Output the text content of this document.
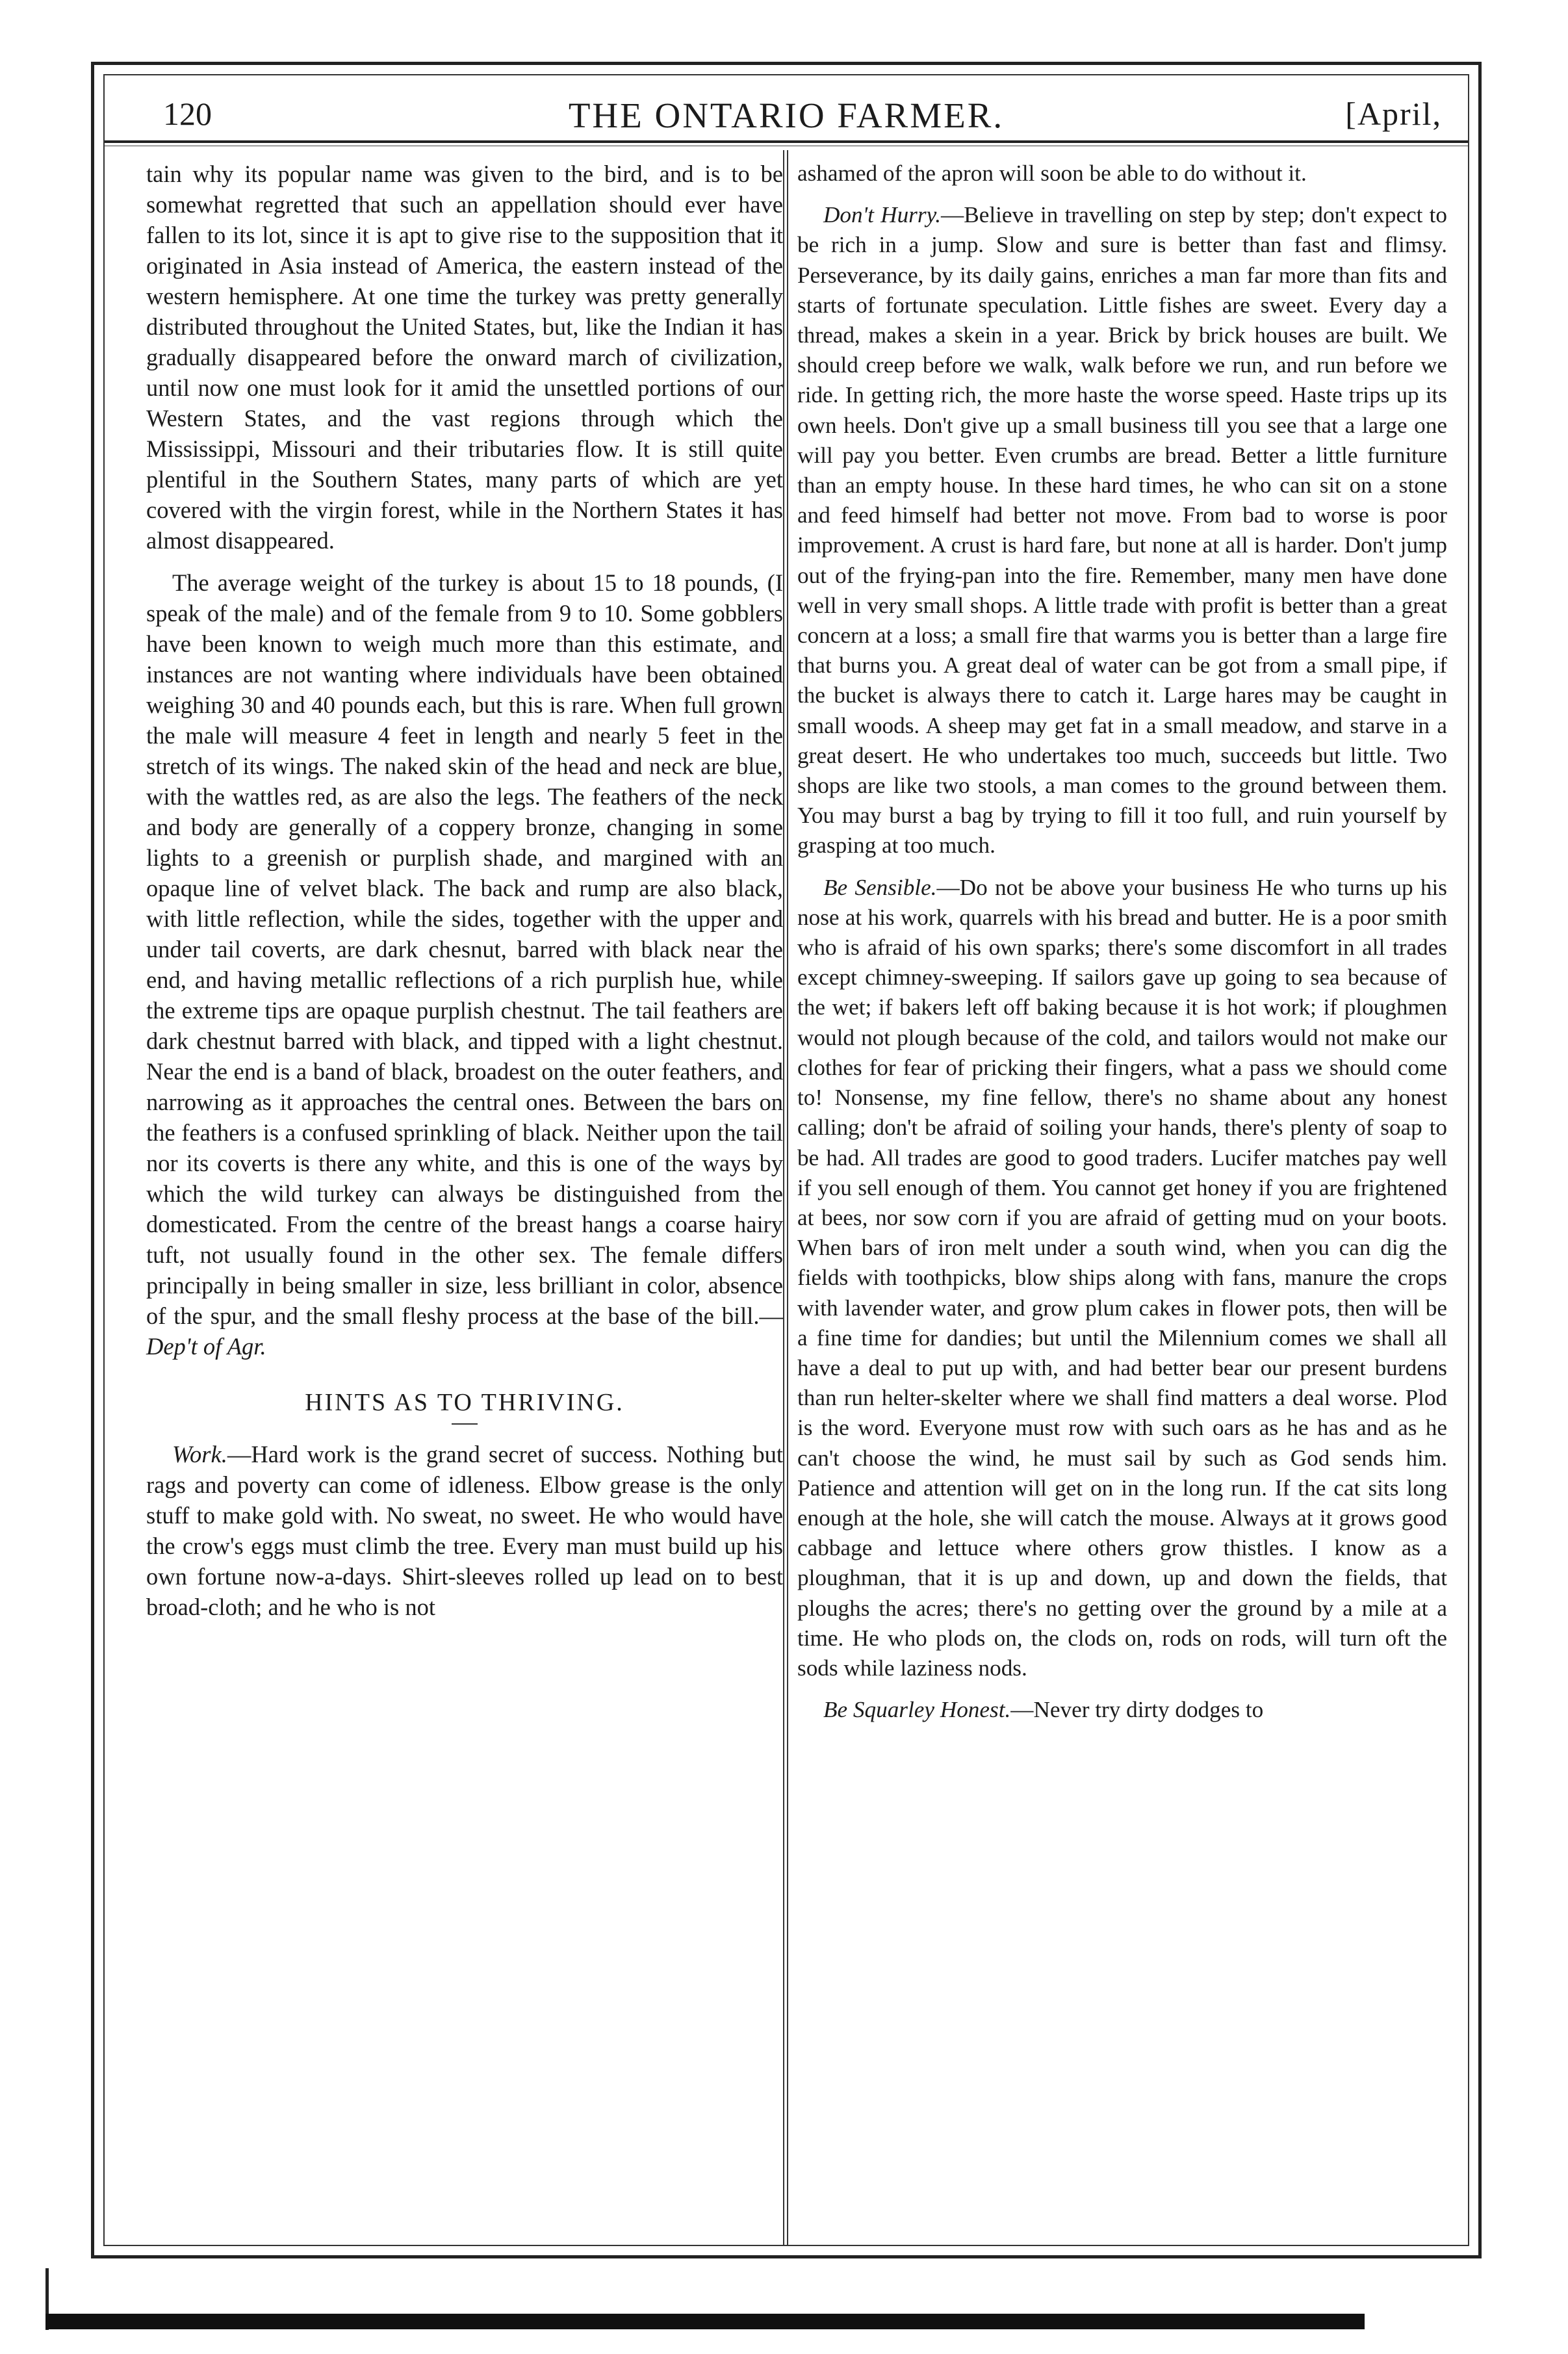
120	THE ONTARIO FARMER.	[April,

tain why its popular name was given to the bird, and is to be somewhat regretted that such an appellation should ever have fallen to its lot, since it is apt to give rise to the supposition that it originated in Asia instead of America, the eastern instead of the western hemisphere. At one time the turkey was pretty generally distributed throughout the United States, but, like the Indian it has gradually disappeared before the onward march of civilization, until now one must look for it amid the unsettled portions of our Western States, and the vast regions through which the Mississippi, Missouri and their tributaries flow. It is still quite plentiful in the Southern States, many parts of which are yet covered with the virgin forest, while in the Northern States it has almost disappeared.

The average weight of the turkey is about 15 to 18 pounds, (I speak of the male) and of the female from 9 to 10. Some gobblers have been known to weigh much more than this estimate, and instances are not wanting where individuals have been obtained weighing 30 and 40 pounds each, but this is rare. When full grown the male will measure 4 feet in length and nearly 5 feet in the stretch of its wings. The naked skin of the head and neck are blue, with the wattles red, as are also the legs. The feathers of the neck and body are generally of a coppery bronze, changing in some lights to a greenish or purplish shade, and margined with an opaque line of velvet black. The back and rump are also black, with little reflection, while the sides, together with the upper and under tail coverts, are dark chesnut, barred with black near the end, and having metallic reflections of a rich purplish hue, while the extreme tips are opaque purplish chestnut. The tail feathers are dark chestnut barred with black, and tipped with a light chestnut. Near the end is a band of black, broadest on the outer feathers, and narrowing as it approaches the central ones. Between the bars on the feathers is a confused sprinkling of black. Neither upon the tail nor its coverts is there any white, and this is one of the ways by which the wild turkey can always be distinguished from the domesticated. From the centre of the breast hangs a coarse hairy tuft, not usually found in the other sex. The female differs principally in being smaller in size, less brilliant in color, absence of the spur, and the small fleshy process at the base of the bill.—Dep't of Agr.

HINTS AS TO THRIVING.

Work.—Hard work is the grand secret of success. Nothing but rags and poverty can come of idleness. Elbow grease is the only stuff to make gold with. No sweat, no sweet. He who would have the crow's eggs must climb the tree. Every man must build up his own fortune now-a-days. Shirt-sleeves rolled up lead on to best broad-cloth; and he who is not

ashamed of the apron will soon be able to do without it.

Don't Hurry.—Believe in travelling on step by step; don't expect to be rich in a jump. Slow and sure is better than fast and flimsy. Perseverance, by its daily gains, enriches a man far more than fits and starts of fortunate speculation. Little fishes are sweet. Every day a thread, makes a skein in a year. Brick by brick houses are built. We should creep before we walk, walk before we run, and run before we ride. In getting rich, the more haste the worse speed. Haste trips up its own heels. Don't give up a small business till you see that a large one will pay you better. Even crumbs are bread. Better a little furniture than an empty house. In these hard times, he who can sit on a stone and feed himself had better not move. From bad to worse is poor improvement. A crust is hard fare, but none at all is harder. Don't jump out of the frying-pan into the fire. Remember, many men have done well in very small shops. A little trade with profit is better than a great concern at a loss; a small fire that warms you is better than a large fire that burns you. A great deal of water can be got from a small pipe, if the bucket is always there to catch it. Large hares may be caught in small woods. A sheep may get fat in a small meadow, and starve in a great desert. He who undertakes too much, succeeds but little. Two shops are like two stools, a man comes to the ground between them. You may burst a bag by trying to fill it too full, and ruin yourself by grasping at too much.

Be Sensible.—Do not be above your business He who turns up his nose at his work, quarrels with his bread and butter. He is a poor smith who is afraid of his own sparks; there's some discomfort in all trades except chimney-sweeping. If sailors gave up going to sea because of the wet; if bakers left off baking because it is hot work; if ploughmen would not plough because of the cold, and tailors would not make our clothes for fear of pricking their fingers, what a pass we should come to! Nonsense, my fine fellow, there's no shame about any honest calling; don't be afraid of soiling your hands, there's plenty of soap to be had. All trades are good to good traders. Lucifer matches pay well if you sell enough of them. You cannot get honey if you are frightened at bees, nor sow corn if you are afraid of getting mud on your boots. When bars of iron melt under a south wind, when you can dig the fields with toothpicks, blow ships along with fans, manure the crops with lavender water, and grow plum cakes in flower pots, then will be a fine time for dandies; but until the Milennium comes we shall all have a deal to put up with, and had better bear our present burdens than run helter-skelter where we shall find matters a deal worse. Plod is the word. Everyone must row with such oars as he has and as he can't choose the wind, he must sail by such as God sends him. Patience and attention will get on in the long run. If the cat sits long enough at the hole, she will catch the mouse. Always at it grows good cabbage and lettuce where others grow thistles. I know as a ploughman, that it is up and down, up and down the fields, that ploughs the acres; there's no getting over the ground by a mile at a time. He who plods on, the clods on, rods on rods, will turn oft the sods while laziness nods.

Be Squarley Honest.—Never try dirty dodges to
